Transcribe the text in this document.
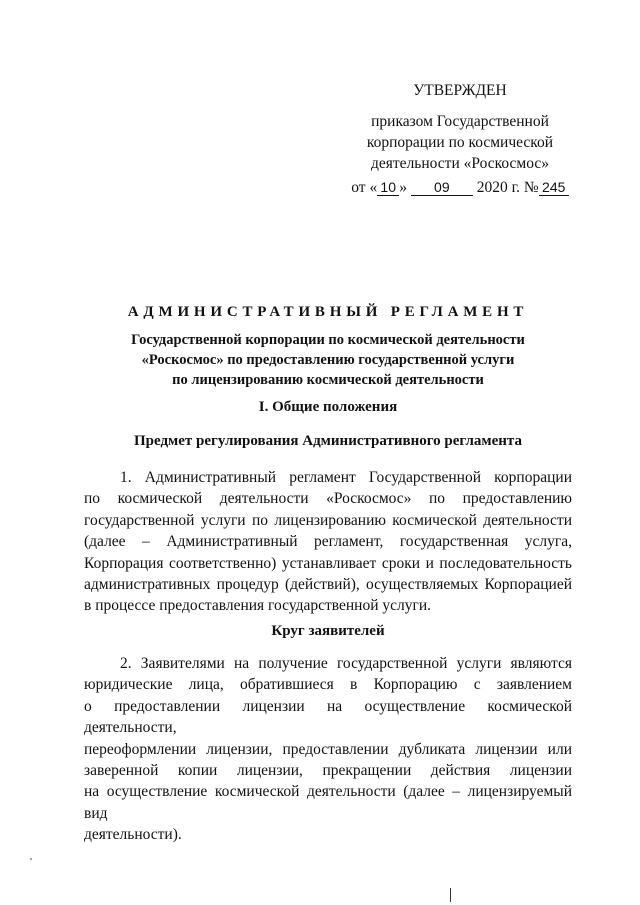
УТВЕРЖДЕН
приказом Государственной
корпорации по космической
деятельности «Роскосмос»
от « 10 » 09 2020 г. № 245
АДМИНИСТРАТИВНЫЙ РЕГЛАМЕНТ
Государственной корпорации по космической деятельности
«Роскосмос» по предоставлению государственной услуги
по лицензированию космической деятельности
I. Общие положения
Предмет регулирования Административного регламента
1. Административный регламент Государственной корпорации
по космической деятельности «Роскосмос» по предоставлению
государственной услуги по лицензированию космической деятельности
(далее – Административный регламент, государственная услуга,
Корпорация соответственно) устанавливает сроки и последовательность
административных процедур (действий), осуществляемых Корпорацией
в процессе предоставления государственной услуги.
Круг заявителей
2. Заявителями на получение государственной услуги являются
юридические лица, обратившиеся в Корпорацию с заявлением
о предоставлении лицензии на осуществление космической деятельности,
переоформлении лицензии, предоставлении дубликата лицензии или
заверенной копии лицензии, прекращении действия лицензии
на осуществление космической деятельности (далее – лицензируемый вид
деятельности).
